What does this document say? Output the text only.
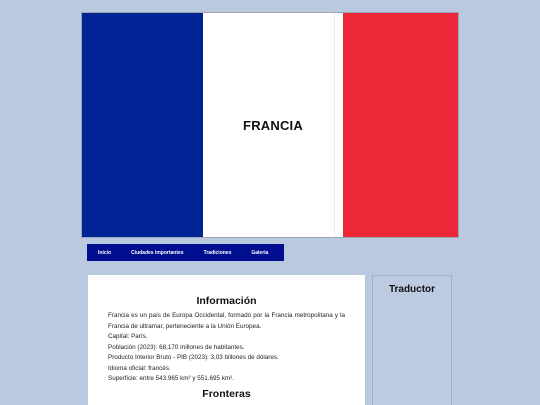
FRANCIA
Inicio	Ciudades importantes	Tradiciones	Galería
Información

Francia es un país de Europa Occidental, formado por la Francia metropolitana y la Francia de ultramar, perteneciente a la Unión Europea.

Capital: París.

Población (2023): 68,170 millones de habitantes.

Producto Interior Bruto - PIB (2023): 3,03 billones de dólares.

Idioma oficial: francés.

Superficie: entre 543.965 km² y 551.695 km².

Fronteras
Traductor
